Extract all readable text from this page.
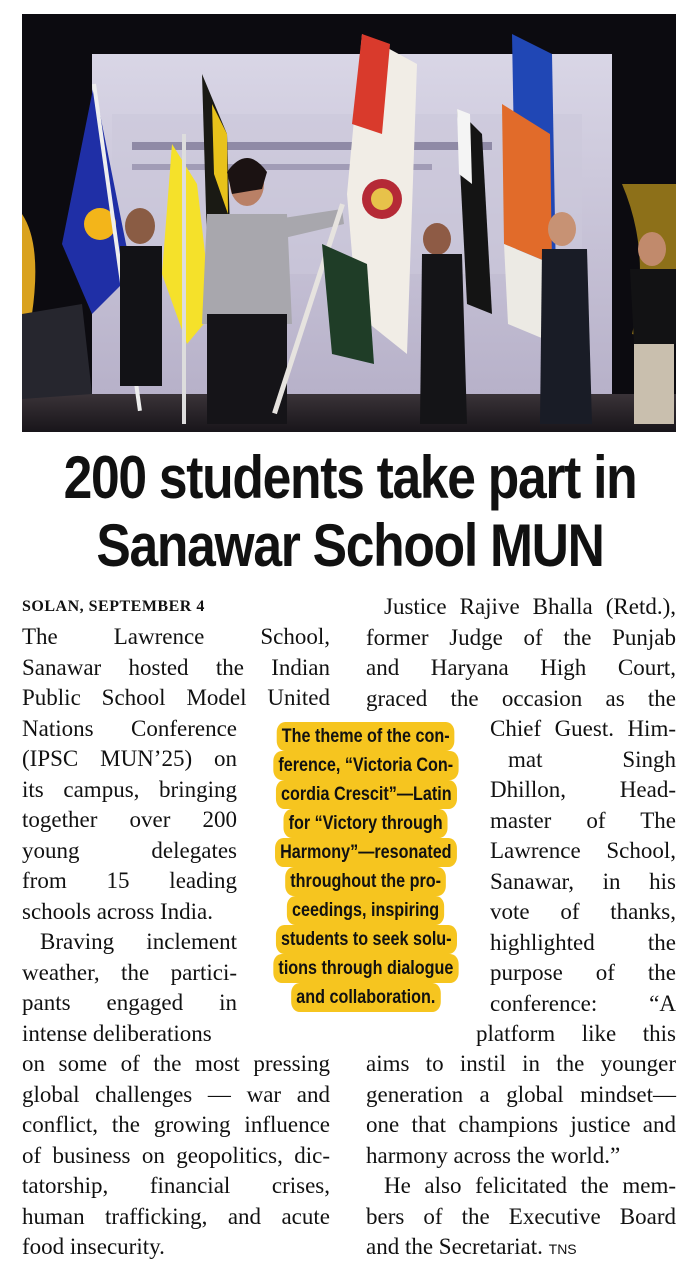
200 students take part in
Sanawar School MUN
SOLAN, SEPTEMBER 4
The Lawrence School,
Sanawar hosted the Indian
Public School Model United
Nations Conference
(IPSC MUN’25) on
its campus, bringing
together over 200
young delegates
from 15 leading
schools across India.
Braving inclement
weather, the partici-
pants engaged in
intense deliberations
on some of the most pressing
global challenges — war and
conflict, the growing influence
of business on geopolitics, dic-
tatorship, financial crises,
human trafficking, and acute
food insecurity.
Justice Rajive Bhalla (Retd.),
former Judge of the Punjab
and Haryana High Court,
graced the occasion as the
Chief Guest. Him-
mat Singh
Dhillon, Head-
master of The
Lawrence School,
Sanawar, in his
vote of thanks,
highlighted the
purpose of the
conference: “A
platform like this
aims to instil in the younger
generation a global mindset—
one that champions justice and
harmony across the world.”
He also felicitated the mem-
bers of the Executive Board
and the Secretariat. TNS
The theme of the con-
ference, “Victoria Con-
cordia Crescit”—Latin
for “Victory through
Harmony”—resonated
throughout the pro-
ceedings, inspiring
students to seek solu-
tions through dialogue
and collaboration.
